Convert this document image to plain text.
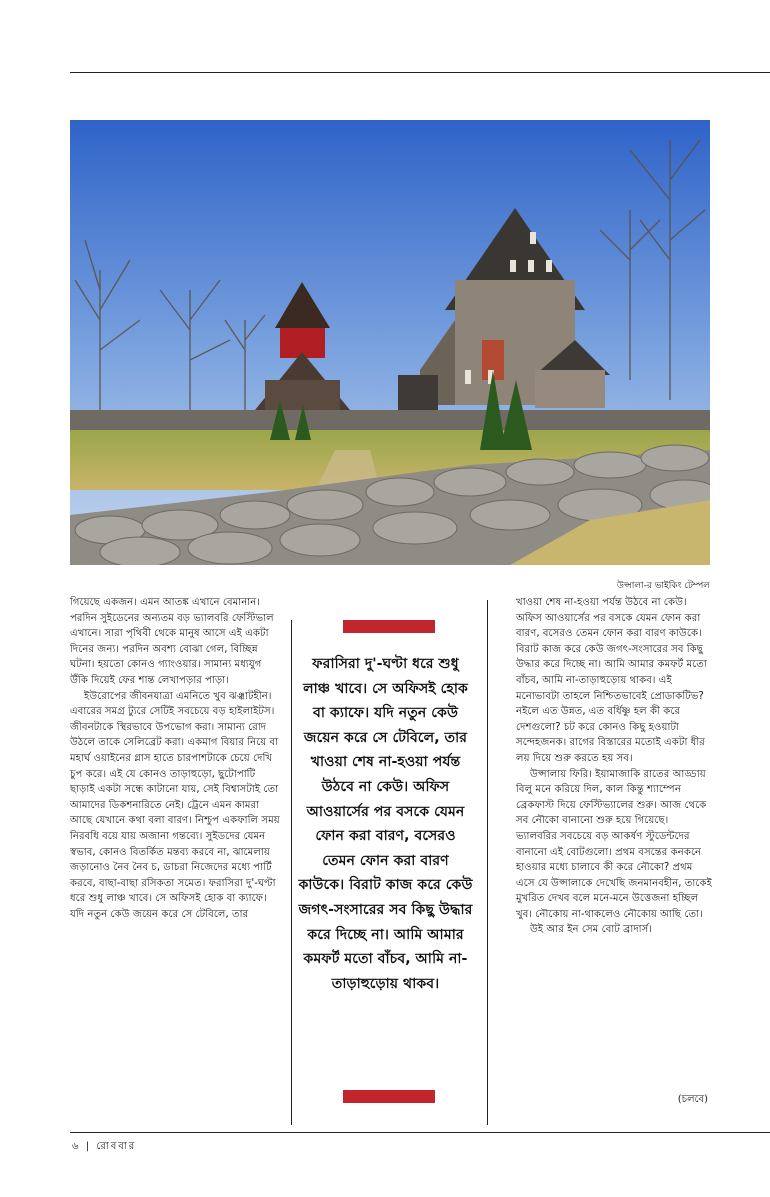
উপ্সালা-র ভাইকিং টেম্পল

গিয়েছে একজন। এমন আতঙ্ক এখানে বেমানান। পরদিন সুইডেনের অন্যতম বড় ভ্যালবরি ফেস্টিভাল এখানে। সারা পৃথিবী থেকে মানুষ আসে এই একটা দিনের জন্য। পরদিন অবশ্য বোঝা গেল, বিচ্ছিন্ন ঘটনা। হয়তো কোনও গ্যাংওয়ার। সামান্য মধ্যযুগ উঁকি দিয়েই ফের শান্ত লেখাপড়ার পাড়া।

ইউরোপের জীবনযাত্রা এমনিতে খুব ঝঞ্ঝাটহীন। এবারের সমগ্র ট্যুরে সেটিই সবচেয়ে বড় হাইলাইটস। জীবনটাকে স্থিরভাবে উপভোগ করা। সামান্য রোদ উঠলে তাকে সেলিব্রেট করা। একমাগ বিয়ার নিয়ে বা মহার্ঘ ওয়াইনের গ্লাস হাতে চারপাশটাকে চেয়ে দেখি চুপ করে। এই যে কোনও তাড়াহুড়ো, ছুটোপাটি ছাড়াই একটা সন্ধে কাটানো যায়, সেই বিশ্বাসটাই তো আমাদের ডিকশনারিতে নেই। ট্রেনে এমন কামরা আছে যেখানে কথা বলা বারণ। নিশ্চুপ একফালি সময় নিরবধি বয়ে যায় অজানা গন্তব্যে। সুইডদের যেমন স্বভাব, কোনও বিতর্কিত মন্তব্য করবে না, ঝামেলায় জড়ানোও নৈব নৈব চ, ডাচরা নিজেদের মধ্যে পার্টি করবে, বাছা-বাছা রসিকতা সমেত। ফরাসিরা দু'-ঘণ্টা ধরে শুধু লাঞ্চ খাবে। সে অফিসই হোক বা ক্যাফে। যদি নতুন কেউ জয়েন করে সে টেবিলে, তার

ফরাসিরা দু'-ঘণ্টা ধরে শুধু লাঞ্চ খাবে। সে অফিসই হোক বা ক্যাফে। যদি নতুন কেউ জয়েন করে সে টেবিলে, তার খাওয়া শেষ না-হওয়া পর্যন্ত উঠবে না কেউ। অফিস আওয়ার্সের পর বসকে যেমন ফোন করা বারণ, বসেরও তেমন ফোন করা বারণ কাউকে। বিরাট কাজ করে কেউ জগৎ-সংসারের সব কিছু উদ্ধার করে দিচ্ছে না। আমি আমার কমফর্ট মতো বাঁচব, আমি না-তাড়াহুড়োয় থাকব।

খাওয়া শেষ না-হওয়া পর্যন্ত উঠবে না কেউ। অফিস আওয়ার্সের পর বসকে যেমন ফোন করা বারণ, বসেরও তেমন ফোন করা বারণ কাউকে। বিরাট কাজ করে কেউ জগৎ-সংসারের সব কিছু উদ্ধার করে দিচ্ছে না। আমি আমার কমফর্ট মতো বাঁচব, আমি না-তাড়াহুড়োয় থাকব। এই মনোভাবটা তাহলে নিশ্চিতভাবেই প্রোডাকটিভ? নইলে এত উন্নত, এত বর্ধিষ্ণু হল কী করে দেশগুলো? চট করে কোনও কিছু হওয়াটা সন্দেহজনক। রাগের বিস্তারের মতোই একটা ধীর লয় দিয়ে শুরু করতে হয় সব।

উপ্সালায় ফিরি। ইয়ামাজাকি রাতের আড্ডায় বিলু মনে করিয়ে দিল, কাল কিন্তু শ্যাম্পেন ব্রেকফাস্ট দিয়ে ফেস্টিভ্যালের শুরু। আজ থেকে সব নৌকো বানানো শুরু হয়ে গিয়েছে। ভ্যালবরির সবচেয়ে বড় আকর্ষণ স্টুডেন্টদের বানানো এই বোটগুলো। প্রথম বসন্তের কনকনে হাওয়ার মধ্যে চালাবে কী করে নৌকো? প্রথম এসে যে উপ্সালাকে দেখেছি জনমানবহীন, তাকেই মুখরিত দেখব বলে মনে-মনে উত্তেজনা হচ্ছিল খুব। নৌকোয় না-থাকলেও নৌকোয় আছি তো।

উই আর ইন সেম বোট ব্রাদার্স।

(চলবে)
৬ | রোববার
